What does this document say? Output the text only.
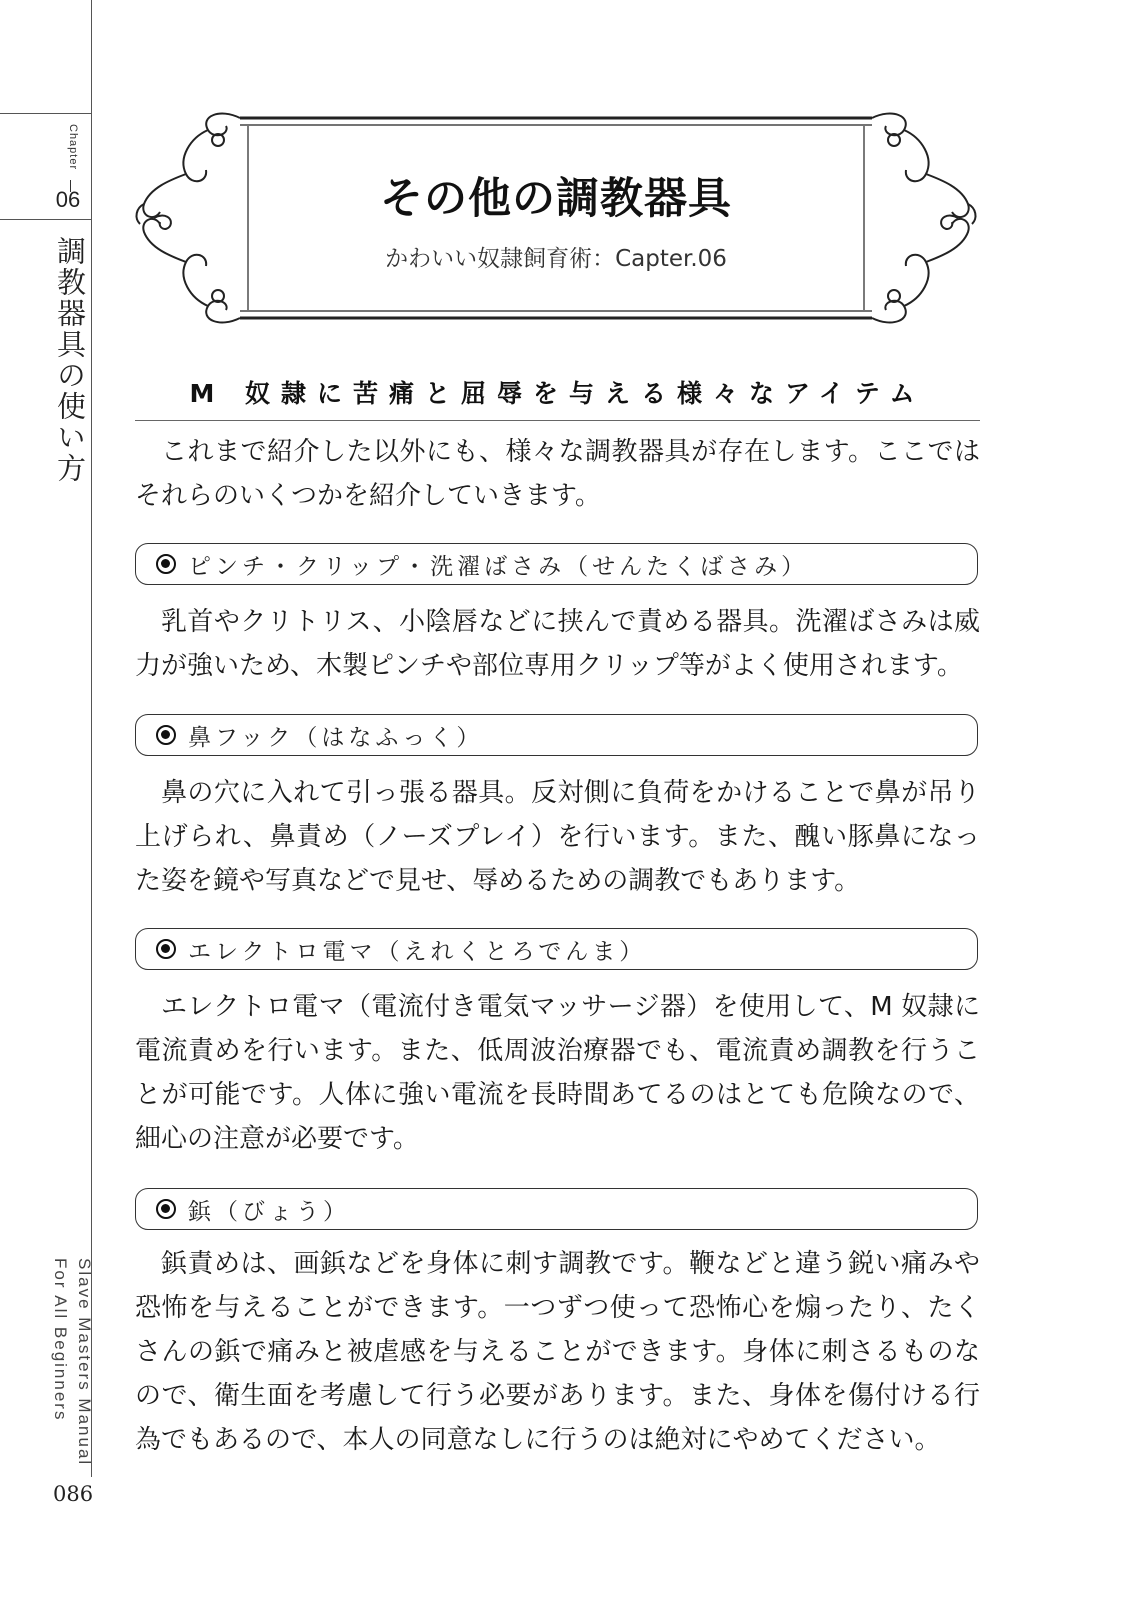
Chapter
06
調教器具の使い方
Slave Masters Manual For All Beginners
086
その他の調教器具
かわいい奴隷飼育術：Capter.06
M 奴隷に苦痛と屈辱を与える様々なアイテム

これまで紹介した以外にも、様々な調教器具が存在します。ここではそれらのいくつかを紹介していきます。

ピンチ・クリップ・洗濯ばさみ（せんたくばさみ）

乳首やクリトリス、小陰唇などに挟んで責める器具。洗濯ばさみは威力が強いため、木製ピンチや部位専用クリップ等がよく使用されます。

鼻フック（はなふっく）

鼻の穴に入れて引っ張る器具。反対側に負荷をかけることで鼻が吊り上げられ、鼻責め（ノーズプレイ）を行います。また、醜い豚鼻になった姿を鏡や写真などで見せ、辱めるための調教でもあります。

エレクトロ電マ（えれくとろでんま）

エレクトロ電マ（電流付き電気マッサージ器）を使用して、M 奴隷に電流責めを行います。また、低周波治療器でも、電流責め調教を行うことが可能です。人体に強い電流を長時間あてるのはとても危険なので、細心の注意が必要です。

鋲（びょう）

鋲責めは、画鋲などを身体に刺す調教です。鞭などと違う鋭い痛みや恐怖を与えることができます。一つずつ使って恐怖心を煽ったり、たくさんの鋲で痛みと被虐感を与えることができます。身体に刺さるものなので、衛生面を考慮して行う必要があります。また、身体を傷付ける行為でもあるので、本人の同意なしに行うのは絶対にやめてください。
